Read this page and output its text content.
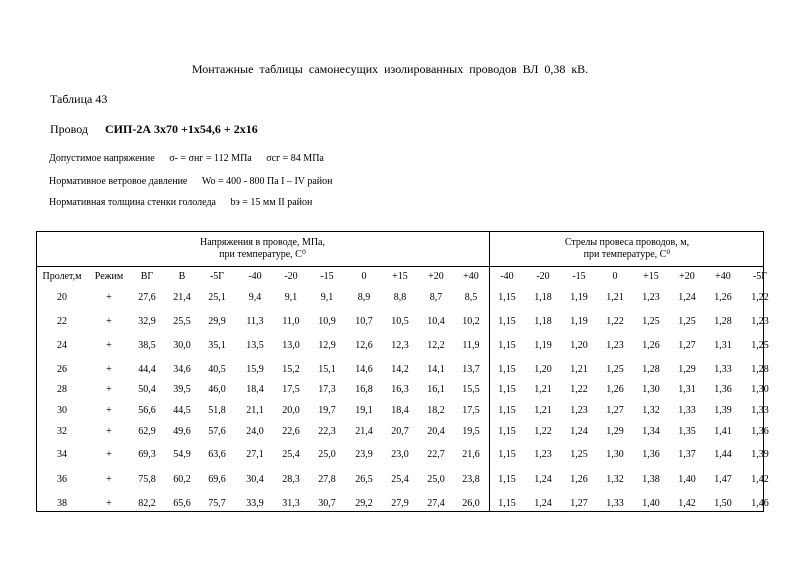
Монтажные таблицы самонесущих изолированных проводов ВЛ 0,38 кВ.
Таблица 43
Провод СИП-2А 3х70 +1х54,6 + 2х16
Допустимое напряжение σ- = σнг = 112 МПа σсг = 84 МПа
Нормативное ветровое давление Wo = 400 - 800 Па I – IV район
Нормативная толщина стенки гололеда bэ = 15 мм II район
Напряжения в проводе, МПа,
при температуре, С⁰
Стрелы провеса проводов, м,
при температуре, С⁰
Пролет,м	Режим	ВГ	В	-5Г	-40	-20	-15	0	+15	+20	+40	-40	-20	-15	0	+15	+20	+40	-5Г
20	+	27,6	21,4	25,1	9,4	9,1	9,1	8,9	8,8	8,7	8,5	1,15	1,18	1,19	1,21	1,23	1,24	1,26	1,22
22	+	32,9	25,5	29,9	11,3	11,0	10,9	10,7	10,5	10,4	10,2	1,15	1,18	1,19	1,22	1,25	1,25	1,28	1,23
24	+	38,5	30,0	35,1	13,5	13,0	12,9	12,6	12,3	12,2	11,9	1,15	1,19	1,20	1,23	1,26	1,27	1,31	1,25
26	+	44,4	34,6	40,5	15,9	15,2	15,1	14,6	14,2	14,1	13,7	1,15	1,20	1,21	1,25	1,28	1,29	1,33	1,28
28	+	50,4	39,5	46,0	18,4	17,5	17,3	16,8	16,3	16,1	15,5	1,15	1,21	1,22	1,26	1,30	1,31	1,36	1,30
30	+	56,6	44,5	51,8	21,1	20,0	19,7	19,1	18,4	18,2	17,5	1,15	1,21	1,23	1,27	1,32	1,33	1,39	1,33
32	+	62,9	49,6	57,6	24,0	22,6	22,3	21,4	20,7	20,4	19,5	1,15	1,22	1,24	1,29	1,34	1,35	1,41	1,36
34	+	69,3	54,9	63,6	27,1	25,4	25,0	23,9	23,0	22,7	21,6	1,15	1,23	1,25	1,30	1,36	1,37	1,44	1,39
36	+	75,8	60,2	69,6	30,4	28,3	27,8	26,5	25,4	25,0	23,8	1,15	1,24	1,26	1,32	1,38	1,40	1,47	1,42
38	+	82,2	65,6	75,7	33,9	31,3	30,7	29,2	27,9	27,4	26,0	1,15	1,24	1,27	1,33	1,40	1,42	1,50	1,46
